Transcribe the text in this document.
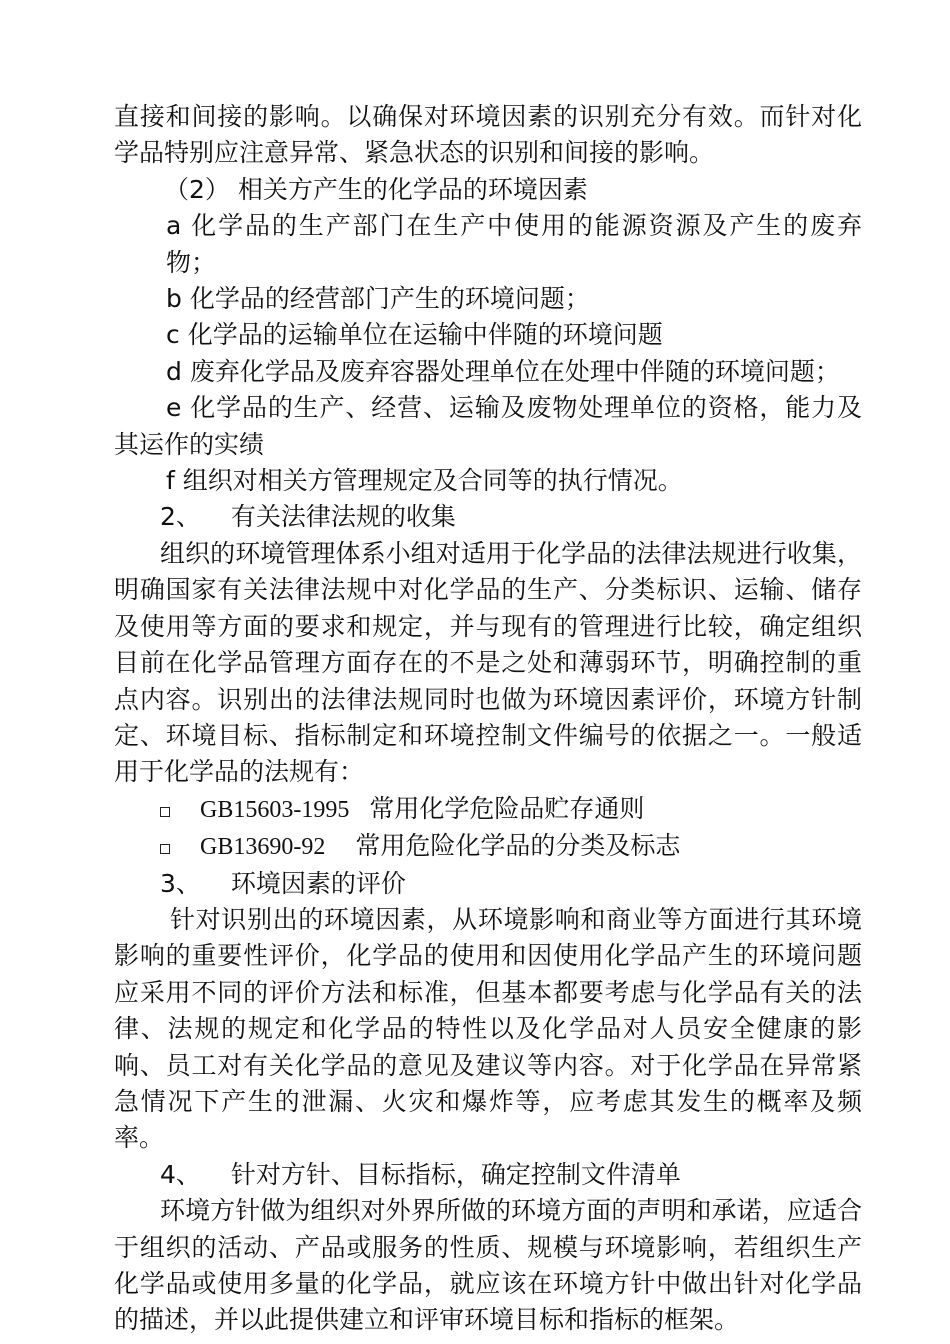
直接和间接的影响。以确保对环境因素的识别充分有效。而针对化学品特别应注意异常、紧急状态的识别和间接的影响。

（2） 相关方产生的化学品的环境因素

a 化学品的生产部门在生产中使用的能源资源及产生的废弃物；

b 化学品的经营部门产生的环境问题；

c 化学品的运输单位在运输中伴随的环境问题

d 废弃化学品及废弃容器处理单位在处理中伴随的环境问题；

e 化学品的生产、经营、运输及废物处理单位的资格，能力及其运作的实绩

f 组织对相关方管理规定及合同等的执行情况。

2、 有关法律法规的收集

组织的环境管理体系小组对适用于化学品的法律法规进行收集，明确国家有关法律法规中对化学品的生产、分类标识、运输、储存及使用等方面的要求和规定，并与现有的管理进行比较，确定组织目前在化学品管理方面存在的不是之处和薄弱环节，明确控制的重点内容。识别出的法律法规同时也做为环境因素评价，环境方针制定、环境目标、指标制定和环境控制文件编号的依据之一。一般适用于化学品的法规有：

GB15603-1995 常用化学危险品贮存通则

GB13690-92 常用危险化学品的分类及标志

3、 环境因素的评价

针对识别出的环境因素，从环境影响和商业等方面进行其环境影响的重要性评价，化学品的使用和因使用化学品产生的环境问题应采用不同的评价方法和标准，但基本都要考虑与化学品有关的法律、法规的规定和化学品的特性以及化学品对人员安全健康的影响、员工对有关化学品的意见及建议等内容。对于化学品在异常紧急情况下产生的泄漏、火灾和爆炸等，应考虑其发生的概率及频率。

4、 针对方针、目标指标，确定控制文件清单

环境方针做为组织对外界所做的环境方面的声明和承诺，应适合于组织的活动、产品或服务的性质、规模与环境影响，若组织生产化学品或使用多量的化学品，就应该在环境方针中做出针对化学品的描述，并以此提供建立和评审环境目标和指标的框架。
